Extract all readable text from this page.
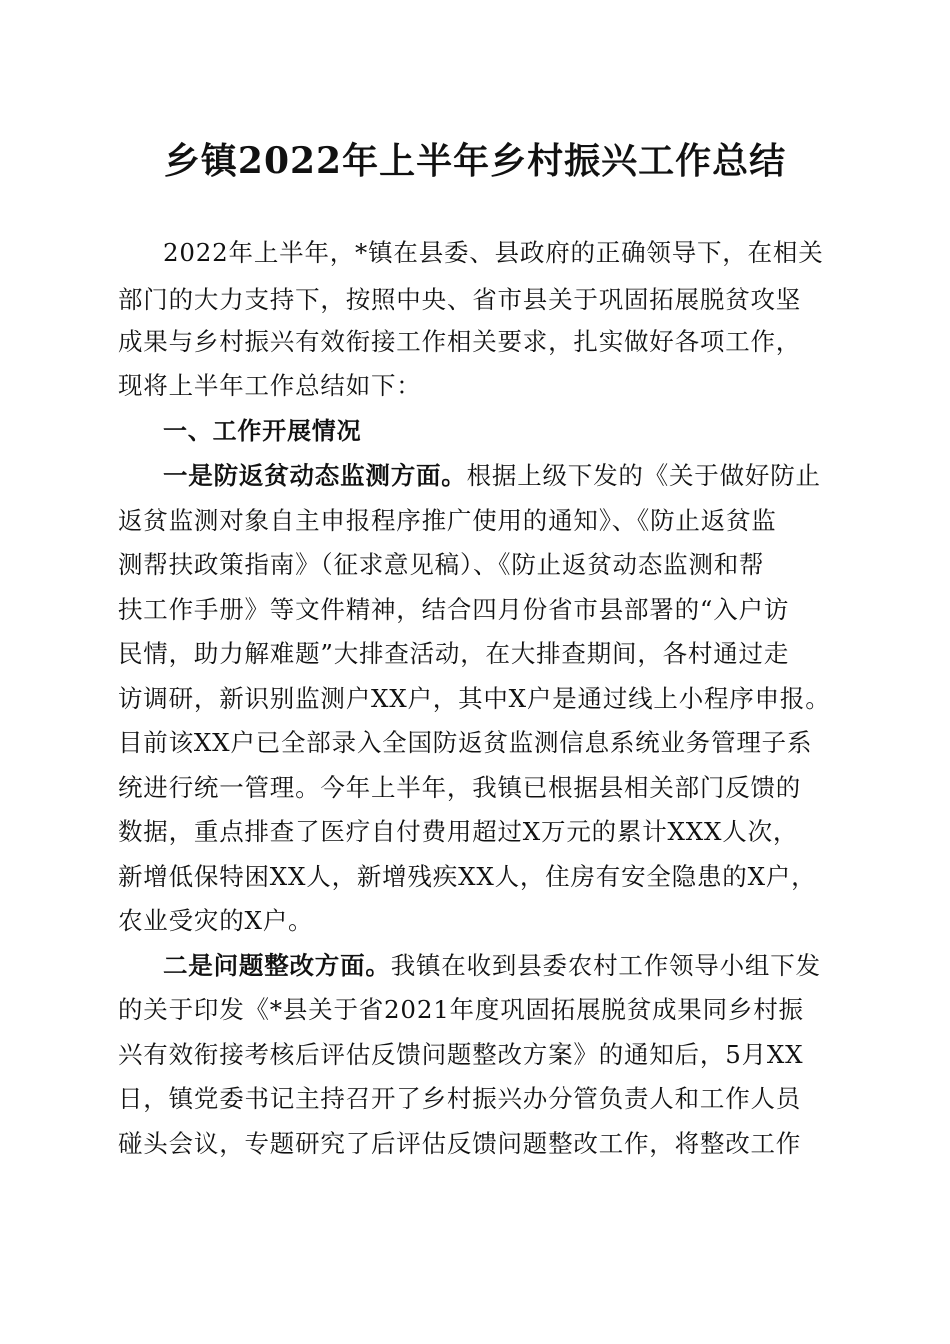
乡镇2022年上半年乡村振兴工作总结
2022年上半年，*镇在县委、县政府的正确领导下，在相关
部门的大力支持下，按照中央、省市县关于巩固拓展脱贫攻坚
成果与乡村振兴有效衔接工作相关要求，扎实做好各项工作，
现将上半年工作总结如下：
一、工作开展情况
一是防返贫动态监测方面。根据上级下发的《关于做好防止
返贫监测对象自主申报程序推广使用的通知》、《防止返贫监
测帮扶政策指南》（征求意见稿）、《防止返贫动态监测和帮
扶工作手册》等文件精神，结合四月份省市县部署的“入户访
民情，助力解难题”大排查活动，在大排查期间，各村通过走
访调研，新识别监测户XX户，其中X户是通过线上小程序申报。
目前该XX户已全部录入全国防返贫监测信息系统业务管理子系
统进行统一管理。今年上半年，我镇已根据县相关部门反馈的
数据，重点排查了医疗自付费用超过X万元的累计XXX人次，
新增低保特困XX人，新增残疾XX人，住房有安全隐患的X户，
农业受灾的X户。
二是问题整改方面。我镇在收到县委农村工作领导小组下发
的关于印发《*县关于省2021年度巩固拓展脱贫成果同乡村振
兴有效衔接考核后评估反馈问题整改方案》的通知后，5月XX
日，镇党委书记主持召开了乡村振兴办分管负责人和工作人员
碰头会议，专题研究了后评估反馈问题整改工作，将整改工作
